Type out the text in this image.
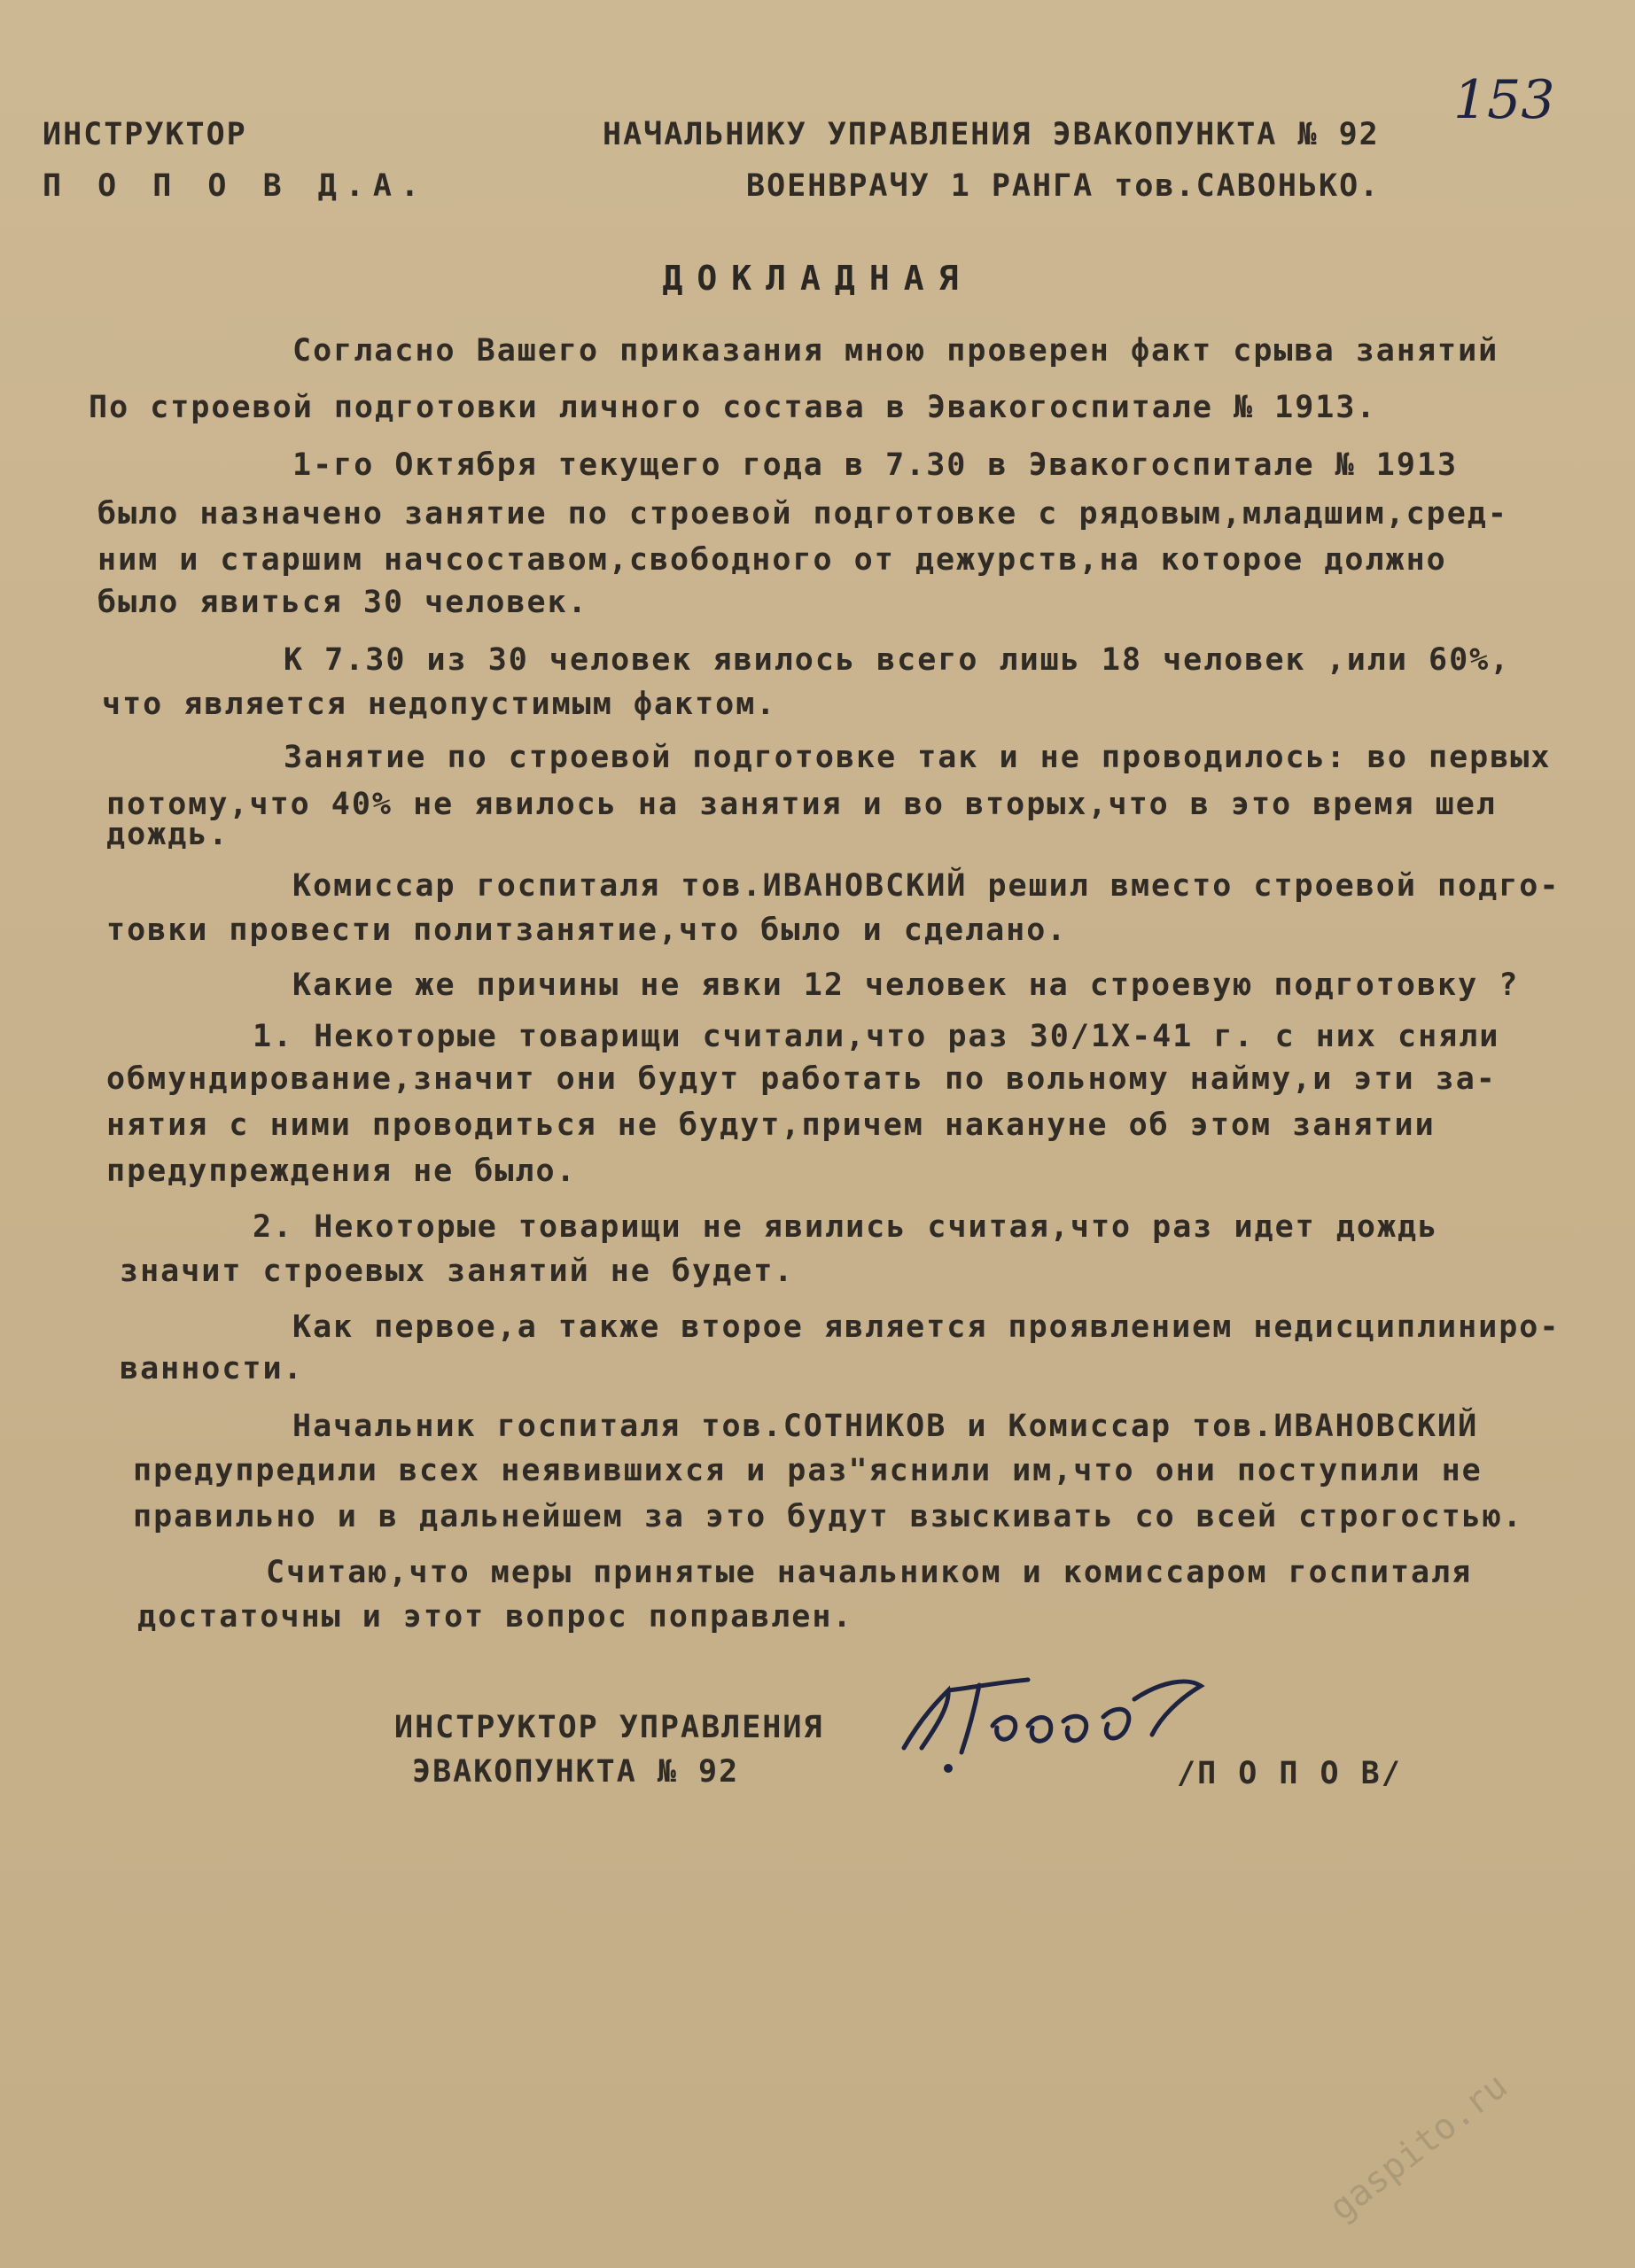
ИНСТРУКТОР
П О П О В Д.А.
НАЧАЛЬНИКУ УПРАВЛЕНИЯ ЭВАКОПУНКТА № 92
ВОЕНВРАЧУ 1 РАНГА тов.САВОНЬКО.
153
ДОКЛАДНАЯ
Согласно Вашего приказания мною проверен факт срыва занятий
По строевой подготовки личного состава в Эвакогоспитале № 1913.
1-го Октября текущего года в 7.30 в Эвакогоспитале № 1913
было назначено занятие по строевой подготовке с рядовым,младшим,сред-
ним и старшим начсоставом,свободного от дежурств,на которое должно
было явиться 30 человек.
К 7.30 из 30 человек явилось всего лишь 18 человек ,или 60%,
что является недопустимым фактом.
Занятие по строевой подготовке так и не проводилось: во первых
потому,что 40% не явилось на занятия и во вторых,что в это время шел
дождь.
Комиссар госпиталя тов.ИВАНОВСКИЙ решил вместо строевой подго-
товки провести политзанятие,что было и сделано.
Какие же причины не явки 12 человек на строевую подготовку ?
1. Некоторые товарищи считали,что раз 30/1Х-41 г. с них сняли
обмундирование,значит они будут работать по вольному найму,и эти за-
нятия с ними проводиться не будут,причем накануне об этом занятии
предупреждения не было.
2. Некоторые товарищи не явились считая,что раз идет дождь
значит строевых занятий не будет.
Как первое,а также второе является проявлением недисциплиниро-
ванности.
Начальник госпиталя тов.СОТНИКОВ и Комиссар тов.ИВАНОВСКИЙ
предупредили всех неявившихся и раз"яснили им,что они поступили не
правильно и в дальнейшем за это будут взыскивать со всей строгостью.
Считаю,что меры принятые начальником и комиссаром госпиталя
достаточны и этот вопрос поправлен.
ИНСТРУКТОР УПРАВЛЕНИЯ
ЭВАКОПУНКТА № 92	/П О П О В/
gaspito.ru
